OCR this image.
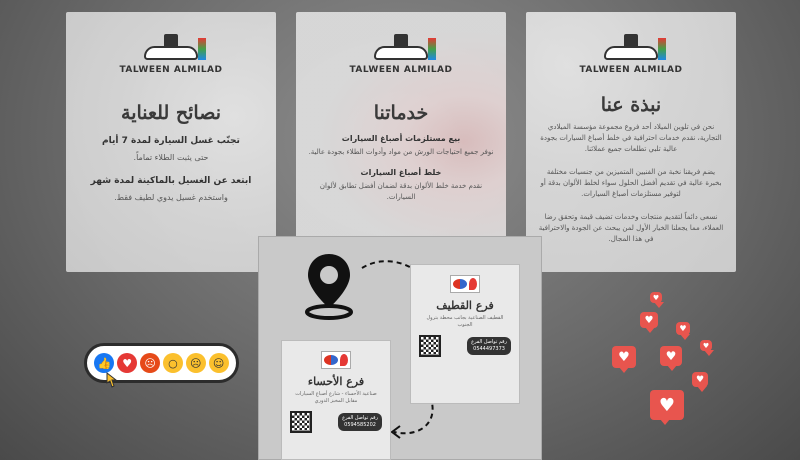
TALWEEN ALMILAD
نصائح للعناية
تجنّب غسل السيارة لمدة 7 أيام
حتى يثبت الطلاء تماماً.
ابتعد عن الغسيل بالماكينة لمدة شهر
واستخدم غسيل يدوي لطيف فقط.
TALWEEN ALMILAD
خدماتنا
بيع مستلزمات أصباغ السيارات
نوفر جميع احتياجات الورش من مواد وأدوات الطلاء بجودة عالية.
خلط أصباغ السيارات
نقدم خدمة خلط الألوان بدقة لضمان أفضل تطابق لألوان السيارات.
TALWEEN ALMILAD
نبذة عنا
نحن في تلوين الميلاد أحد فروع مجموعة مؤسسة الميلادي التجارية، نقدم خدمات احترافية في خلط أصباغ السيارات بجودة عالية تلبي تطلعات جميع عملائنا.
يضم فريقنا نخبة من الفنيين المتميزين من جنسيات مختلفة بخبرة عالية في تقديم أفضل الحلول سواء لخلط الألوان بدقة أو لتوفير مستلزمات أصباغ السيارات.
نسعى دائماً لتقديم منتجات وخدمات تضيف قيمة وتحقق رضا العملاء، مما يجعلنا الخيار الأول لمن يبحث عن الجودة والاحترافية في هذا المجال.
فرع القطيف
القطيف الصناعية بجانب محطة بترول الجنوب
رقم تواصل الفرع
0544497373
فرع الأحساء
صناعية الأحساء - شارع أصباغ السيارات مقابل المخبز الدوري
رقم تواصل الفرع
0594585202
👍	♥	☹	○	☹	☺
♥
♥	♥
♥
♥
♥
♥
♥
